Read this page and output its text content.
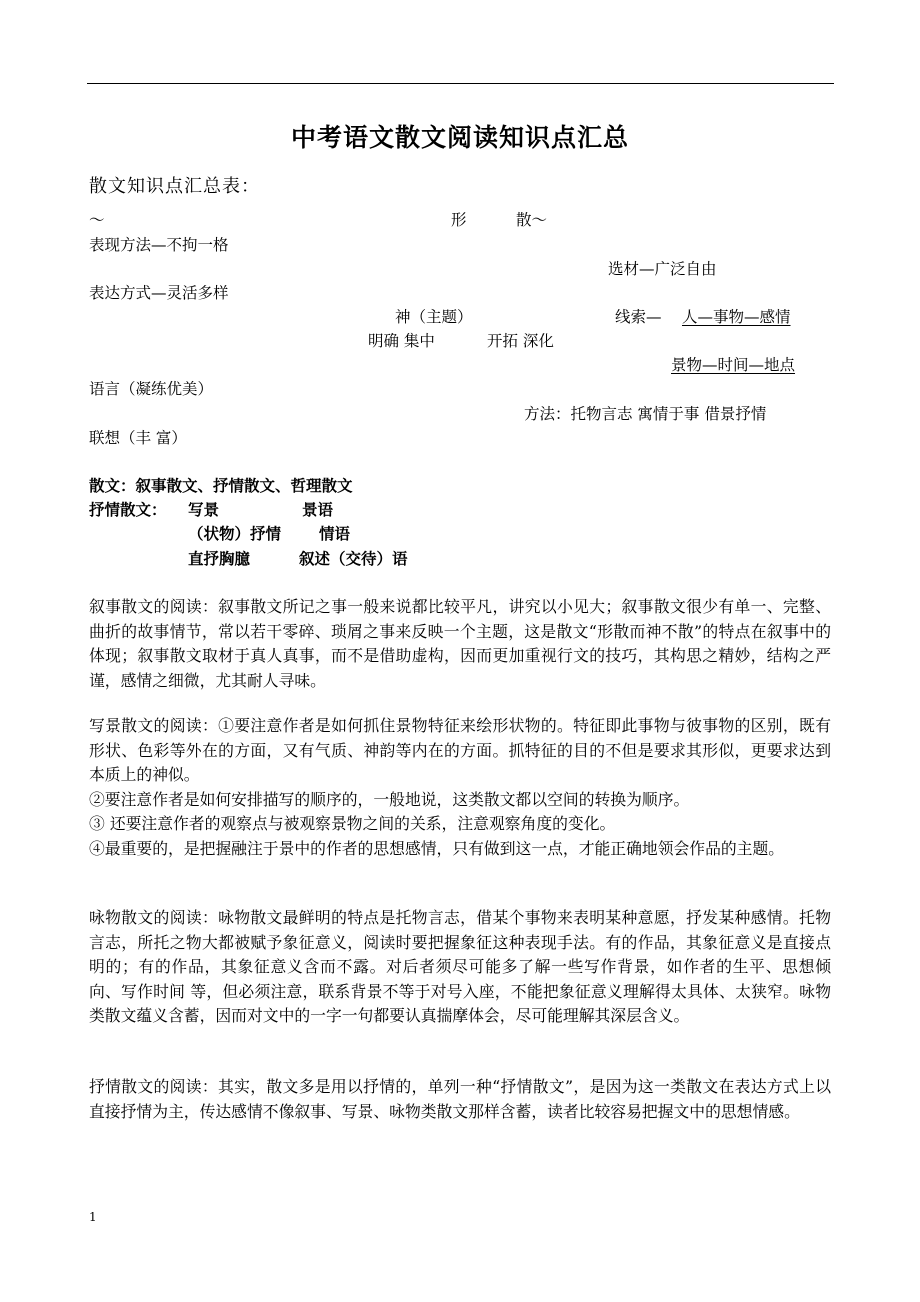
中考语文散文阅读知识点汇总
散文知识点汇总表：
～	形	散～
表现方法—不拘一格
选材—广泛自由
表达方式—灵活多样
神（主题）	线索— 人—事物—感情
明确 集中	开拓 深化
景物—时间—地点
语言（凝练优美）
方法：托物言志 寓情于事 借景抒情
联想（丰 富）
散文：叙事散文、抒情散文、哲理散文
抒情散文： 写景	景语
（状物）抒情 情语
直抒胸臆	叙述（交待）语

叙事散文的阅读：叙事散文所记之事一般来说都比较平凡，讲究以小见大；叙事散文很少有单一、完整、曲折的故事情节，常以若干零碎、琐屑之事来反映一个主题，这是散文“形散而神不散”的特点在叙事中的体现；叙事散文取材于真人真事，而不是借助虚构，因而更加重视行文的技巧，其构思之精妙，结构之严谨，感情之细微，尤其耐人寻味。

写景散文的阅读：①要注意作者是如何抓住景物特征来绘形状物的。特征即此事物与彼事物的区别，既有形状、色彩等外在的方面，又有气质、神韵等内在的方面。抓特征的目的不但是要求其形似，更要求达到本质上的神似。

②要注意作者是如何安排描写的顺序的，一般地说，这类散文都以空间的转换为顺序。

③ 还要注意作者的观察点与被观察景物之间的关系，注意观察角度的变化。

④最重要的，是把握融注于景中的作者的思想感情，只有做到这一点，才能正确地领会作品的主题。

咏物散文的阅读：咏物散文最鲜明的特点是托物言志，借某个事物来表明某种意愿，抒发某种感情。托物言志，所托之物大都被赋予象征意义，阅读时要把握象征这种表现手法。有的作品，其象征意义是直接点明的；有的作品，其象征意义含而不露。对后者须尽可能多了解一些写作背景，如作者的生平、思想倾向、写作时间 等，但必须注意，联系背景不等于对号入座，不能把象征意义理解得太具体、太狭窄。咏物类散文蕴义含蓄，因而对文中的一字一句都要认真揣摩体会，尽可能理解其深层含义。

抒情散文的阅读：其实，散文多是用以抒情的，单列一种“抒情散文”，是因为这一类散文在表达方式上以直接抒情为主，传达感情不像叙事、写景、咏物类散文那样含蓄，读者比较容易把握文中的思想情感。

1
